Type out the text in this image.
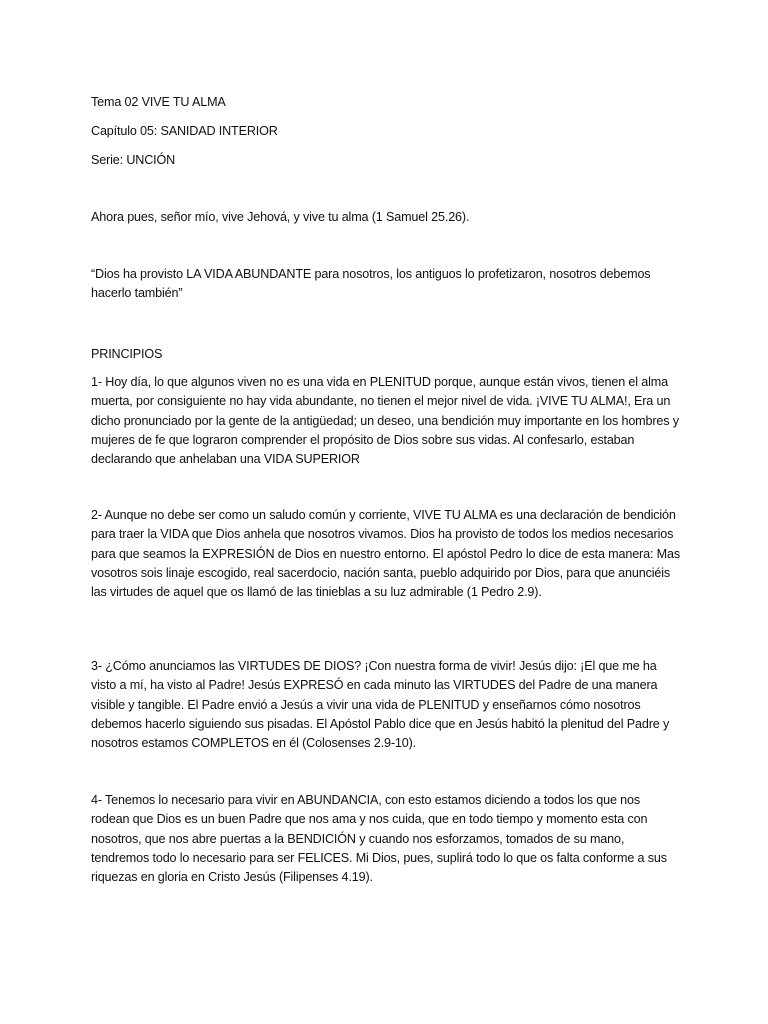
Tema 02 VIVE TU ALMA

Capítulo 05: SANIDAD INTERIOR

Serie: UNCIÓN

Ahora pues, señor mío, vive Jehová, y vive tu alma (1 Samuel 25.26).

“Dios ha provisto LA VIDA ABUNDANTE para nosotros, los antiguos lo profetizaron, nosotros debemos hacerlo también”

PRINCIPIOS

1- Hoy día, lo que algunos viven no es una vida en PLENITUD porque, aunque están vivos, tienen el alma muerta, por consiguiente no hay vida abundante, no tienen el mejor nivel de vida. ¡VIVE TU ALMA!, Era un dicho pronunciado por la gente de la antigüedad; un deseo, una bendición muy importante en los hombres y mujeres de fe que lograron comprender el propósito de Dios sobre sus vidas. Al confesarlo, estaban declarando que anhelaban una VIDA SUPERIOR

2- Aunque no debe ser como un saludo común y corriente, VIVE TU ALMA es una declaración de bendición para traer la VIDA que Dios anhela que nosotros vivamos. Dios ha provisto de todos los medios necesarios para que seamos la EXPRESIÓN de Dios en nuestro entorno. El apóstol Pedro lo dice de esta manera: Mas vosotros sois linaje escogido, real sacerdocio, nación santa, pueblo adquirido por Dios, para que anunciéis las virtudes de aquel que os llamó de las tinieblas a su luz admirable (1 Pedro 2.9).

3- ¿Cómo anunciamos las VIRTUDES DE DIOS? ¡Con nuestra forma de vivir! Jesús dijo: ¡El que me ha visto a mí, ha visto al Padre! Jesús EXPRESÓ en cada minuto las VIRTUDES del Padre de una manera visible y tangible. El Padre envió a Jesús a vivir una vida de PLENITUD y enseñarnos cómo nosotros debemos hacerlo siguiendo sus pisadas. El Apóstol Pablo dice que en Jesús habitó la plenitud del Padre y nosotros estamos COMPLETOS en él (Colosenses 2.9-10).

4- Tenemos lo necesario para vivir en ABUNDANCIA, con esto estamos diciendo a todos los que nos rodean que Dios es un buen Padre que nos ama y nos cuida, que en todo tiempo y momento esta con nosotros, que nos abre puertas a la BENDICIÓN y cuando nos esforzamos, tomados de su mano, tendremos todo lo necesario para ser FELICES. Mi Dios, pues, suplirá todo lo que os falta conforme a sus riquezas en gloria en Cristo Jesús (Filipenses 4.19).
